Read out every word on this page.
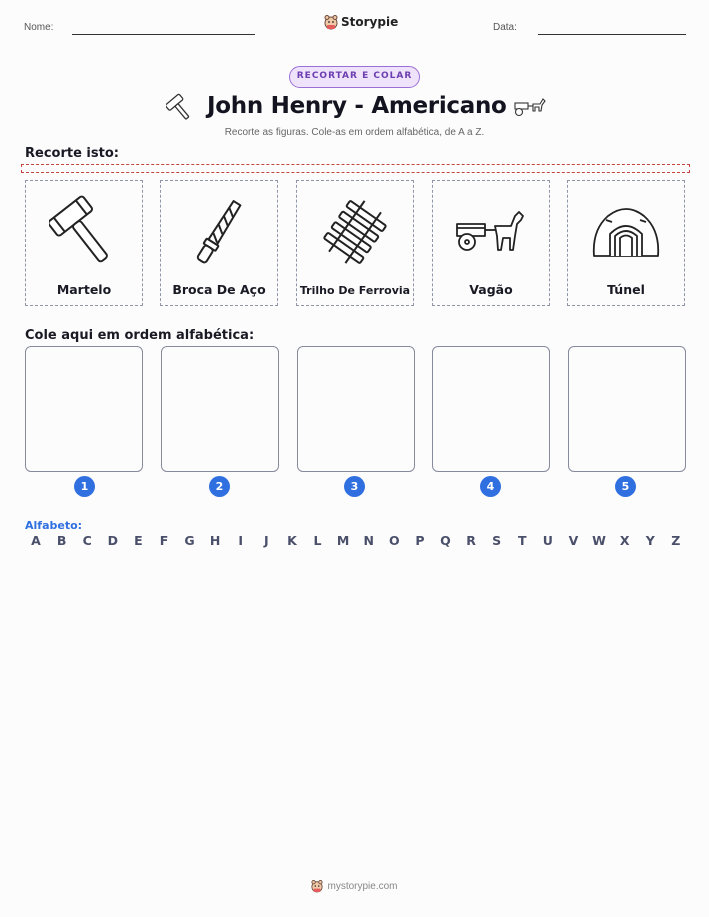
Nome:	Storypie	Data:
RECORTAR E COLAR
John Henry - Americano
Recorte as figuras. Cole-as em ordem alfabética, de A a Z.
Recorte isto:
Martelo	Broca De Aço	Trilho De Ferrovia	Vagão	Túnel
Cole aqui em ordem alfabética:
1	2	3	4	5
Alfabeto:
A	B	C	D	E	F	G	H	I	J	K	L	M	N	O	P	Q	R	S	T	U	V	W	X	Y	Z
mystorypie.com
